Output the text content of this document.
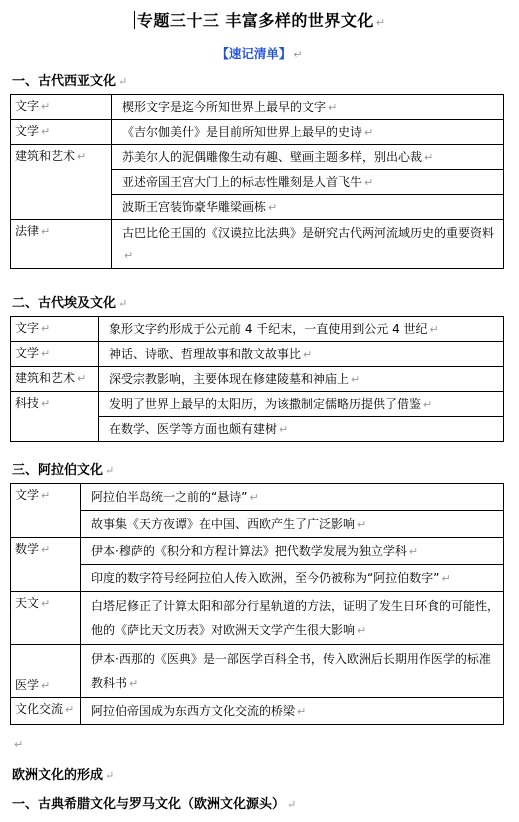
专题三十三 丰富多样的世界文化 ↵
【速记清单】 ↵
一、古代西亚文化 ↵
文字 ↵	楔形文字是迄今所知世界上最早的文字 ↵
文学 ↵	《吉尔伽美什》是目前所知世界上最早的史诗 ↵
建筑和艺术 ↵	苏美尔人的泥偶雕像生动有趣、壁画主题多样，别出心裁 ↵
	亚述帝国王宫大门上的标志性雕刻是人首飞牛 ↵
	波斯王宫装饰豪华雕梁画栋 ↵
法律 ↵	古巴比伦王国的《汉谟拉比法典》是研究古代两河流域历史的重要资料↵
二、古代埃及文化 ↵
文字 ↵	象形文字约形成于公元前 4 千纪末，一直使用到公元 4 世纪 ↵
文学 ↵	神话、诗歌、哲理故事和散文故事比 ↵
建筑和艺术 ↵	深受宗教影响，主要体现在修建陵墓和神庙上 ↵
科技 ↵	发明了世界上最早的太阳历，为该撒制定儒略历提供了借鉴 ↵
	在数学、医学等方面也颇有建树 ↵
三、阿拉伯文化 ↵
文学 ↵	阿拉伯半岛统一之前的“悬诗” ↵
	故事集《天方夜谭》在中国、西欧产生了广泛影响 ↵
数学 ↵	伊本·穆萨的《积分和方程计算法》把代数学发展为独立学科 ↵
	印度的数字符号经阿拉伯人传入欧洲，至今仍被称为“阿拉伯数字” ↵
天文 ↵	白塔尼修正了计算太阳和部分行星轨道的方法，证明了发生日环食的可能性，他的《萨比天文历表》对欧洲天文学产生很大影响 ↵
医学 ↵	伊本·西那的《医典》是一部医学百科全书，传入欧洲后长期用作医学的标准教科书 ↵
文化交流 ↵	阿拉伯帝国成为东西方文化交流的桥梁 ↵
↵
欧洲文化的形成 ↵
一、古典希腊文化与罗马文化（欧洲文化源头） ↵
